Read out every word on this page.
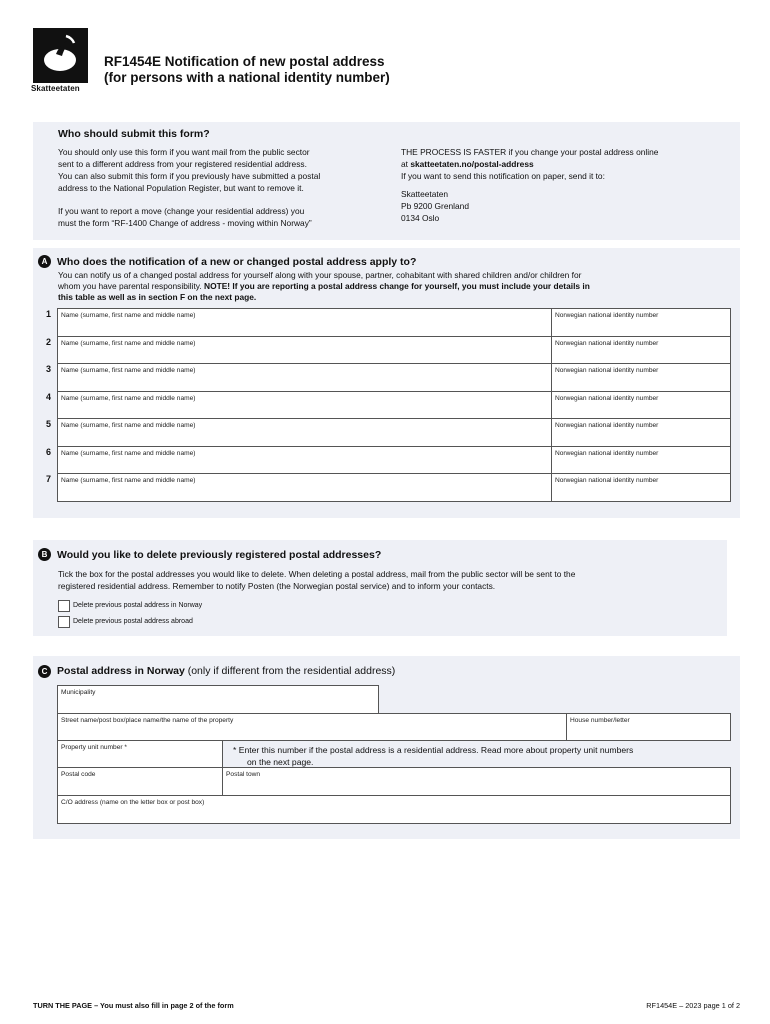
Skatteetaten
RF1454E Notification of new postal address
(for persons with a national identity number)
Who should submit this form?
You should only use this form if you want mail from the public sector
sent to a different address from your registered residential address.
You can also submit this form if you previously have submitted a postal
address to the National Population Register, but want to remove it.
If you want to report a move (change your residential address) you
must the form “RF-1400 Change of address - moving within Norway”
THE PROCESS IS FASTER if you change your postal address online
at skatteetaten.no/postal-address
If you want to send this notification on paper, send it to:
Skatteetaten
Pb 9200 Grenland
0134 Oslo
A Who does the notification of a new or changed postal address apply to?
You can notify us of a changed postal address for yourself along with your spouse, partner, cohabitant with shared children and/or children for
whom you have parental responsibility. NOTE! If you are reporting a postal address change for yourself, you must include your details in
this table as well as in section F on the next page.
1	Name (surname, first name and middle name)	Norwegian national identity number
2	Name (surname, first name and middle name)	Norwegian national identity number
3	Name (surname, first name and middle name)	Norwegian national identity number
4	Name (surname, first name and middle name)	Norwegian national identity number
5	Name (surname, first name and middle name)	Norwegian national identity number
6	Name (surname, first name and middle name)	Norwegian national identity number
7	Name (surname, first name and middle name)	Norwegian national identity number
B Would you like to delete previously registered postal addresses?
Tick the box for the postal addresses you would like to delete. When deleting a postal address, mail from the public sector will be sent to the
registered residential address. Remember to notify Posten (the Norwegian postal service) and to inform your contacts.
Delete previous postal address in Norway
Delete previous postal address abroad
C Postal address in Norway (only if different from the residential address)
Municipality
Street name/post box/place name/the name of the property	House number/letter
Property unit number *	* Enter this number if the postal address is a residential address. Read more about property unit numbers
on the next page.
Postal code	Postal town
C/O address (name on the letter box or post box)
TURN THE PAGE – You must also fill in page 2 of the form	RF1454E – 2023 page 1 of 2
